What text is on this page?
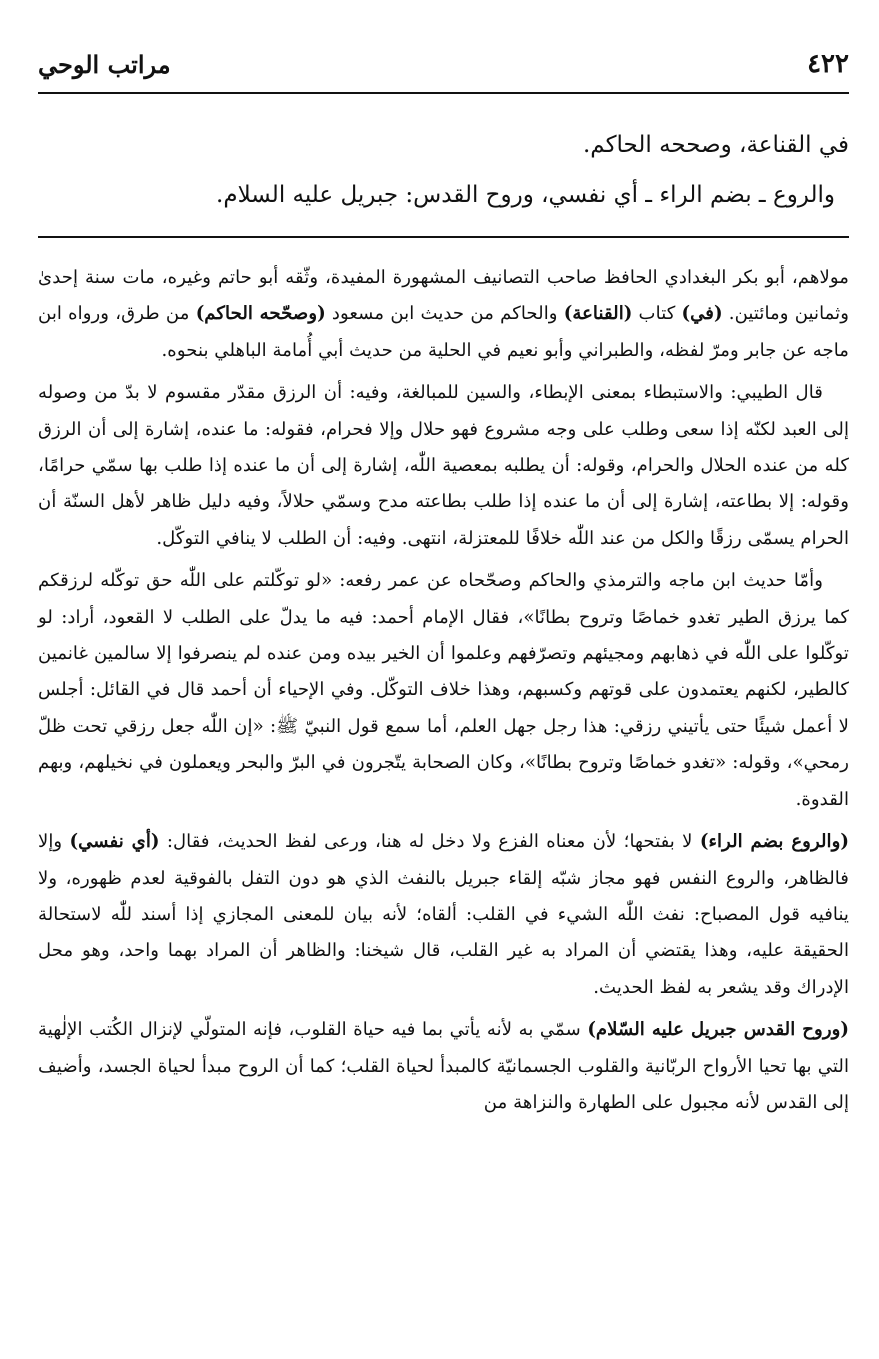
٤٢٢
مراتب الوحي

في القناعة، وصححه الحاكم.

والروع ـ بضم الراء ـ أي نفسي، وروح القدس: جبريل عليه السلام.

مولاهم، أبو بكر البغدادي الحافظ صاحب التصانيف المشهورة المفيدة، وثّقه أبو حاتم وغيره، مات سنة إحدىٰ وثمانين ومائتين. (في) كتاب (القناعة) والحاكم من حديث ابن مسعود (وصحّحه الحاكم) من طرق، ورواه ابن ماجه عن جابر ومرّ لفظه، والطبراني وأبو نعيم في الحلية من حديث أبي أُمامة الباهلي بنحوه.

قال الطيبي: والاستبطاء بمعنى الإبطاء، والسين للمبالغة، وفيه: أن الرزق مقدّر مقسوم لا بدّ من وصوله إلى العبد لكنّه إذا سعى وطلب على وجه مشروع فهو حلال وإلا فحرام، فقوله: ما عنده، إشارة إلى أن الرزق كله من عنده الحلال والحرام، وقوله: أن يطلبه بمعصية اللّٰه، إشارة إلى أن ما عنده إذا طلب بها سمّي حرامًا، وقوله: إلا بطاعته، إشارة إلى أن ما عنده إذا طلب بطاعته مدح وسمّي حلالاً، وفيه دليل ظاهر لأهل السنّة أن الحرام يسمّى رزقًا والكل من عند اللّٰه خلافًا للمعتزلة، انتهى. وفيه: أن الطلب لا ينافي التوكّل.

وأمّا حديث ابن ماجه والترمذي والحاكم وصحّحاه عن عمر رفعه: «لو توكّلتم على اللّٰه حق توكّله لرزقكم كما يرزق الطير تغدو خماصًا وتروح بطانًا»، فقال الإمام أحمد: فيه ما يدلّ على الطلب لا القعود، أراد: لو توكّلوا على اللّٰه في ذهابهم ومجيئهم وتصرّفهم وعلموا أن الخير بيده ومن عنده لم ينصرفوا إلا سالمين غانمين كالطير، لكنهم يعتمدون على قوتهم وكسبهم، وهذا خلاف التوكّل. وفي الإحياء أن أحمد قال في القائل: أجلس لا أعمل شيئًا حتى يأتيني رزقي: هذا رجل جهل العلم، أما سمع قول النبيّ ﷺ: «إن اللّٰه جعل رزقي تحت ظلّ رمحي»، وقوله: «تغدو خماصًا وتروح بطانًا»، وكان الصحابة يتّجرون في البرّ والبحر ويعملون في نخيلهم، وبهم القدوة.

(والروع بضم الراء) لا بفتحها؛ لأن معناه الفزع ولا دخل له هنا، ورعى لفظ الحديث، فقال: (أي نفسي) وإلا فالظاهر، والروع النفس فهو مجاز شبّه إلقاء جبريل بالنفث الذي هو دون التفل بالفوقية لعدم ظهوره، ولا ينافيه قول المصباح: نفث اللّٰه الشيء في القلب: ألقاه؛ لأنه بيان للمعنى المجازي إذا أسند للّٰه لاستحالة الحقيقة عليه، وهذا يقتضي أن المراد به غير القلب، قال شيخنا: والظاهر أن المراد بهما واحد، وهو محل الإدراك وقد يشعر به لفظ الحديث.

(وروح القدس جبريل عليه السّلام) سمّي به لأنه يأتي بما فيه حياة القلوب، فإنه المتولّي لإنزال الكُتب الإلٰهية التي بها تحيا الأرواح الربّانية والقلوب الجسمانيّة كالمبدأ لحياة القلب؛ كما أن الروح مبدأ لحياة الجسد، وأضيف إلى القدس لأنه مجبول على الطهارة والنزاهة من
